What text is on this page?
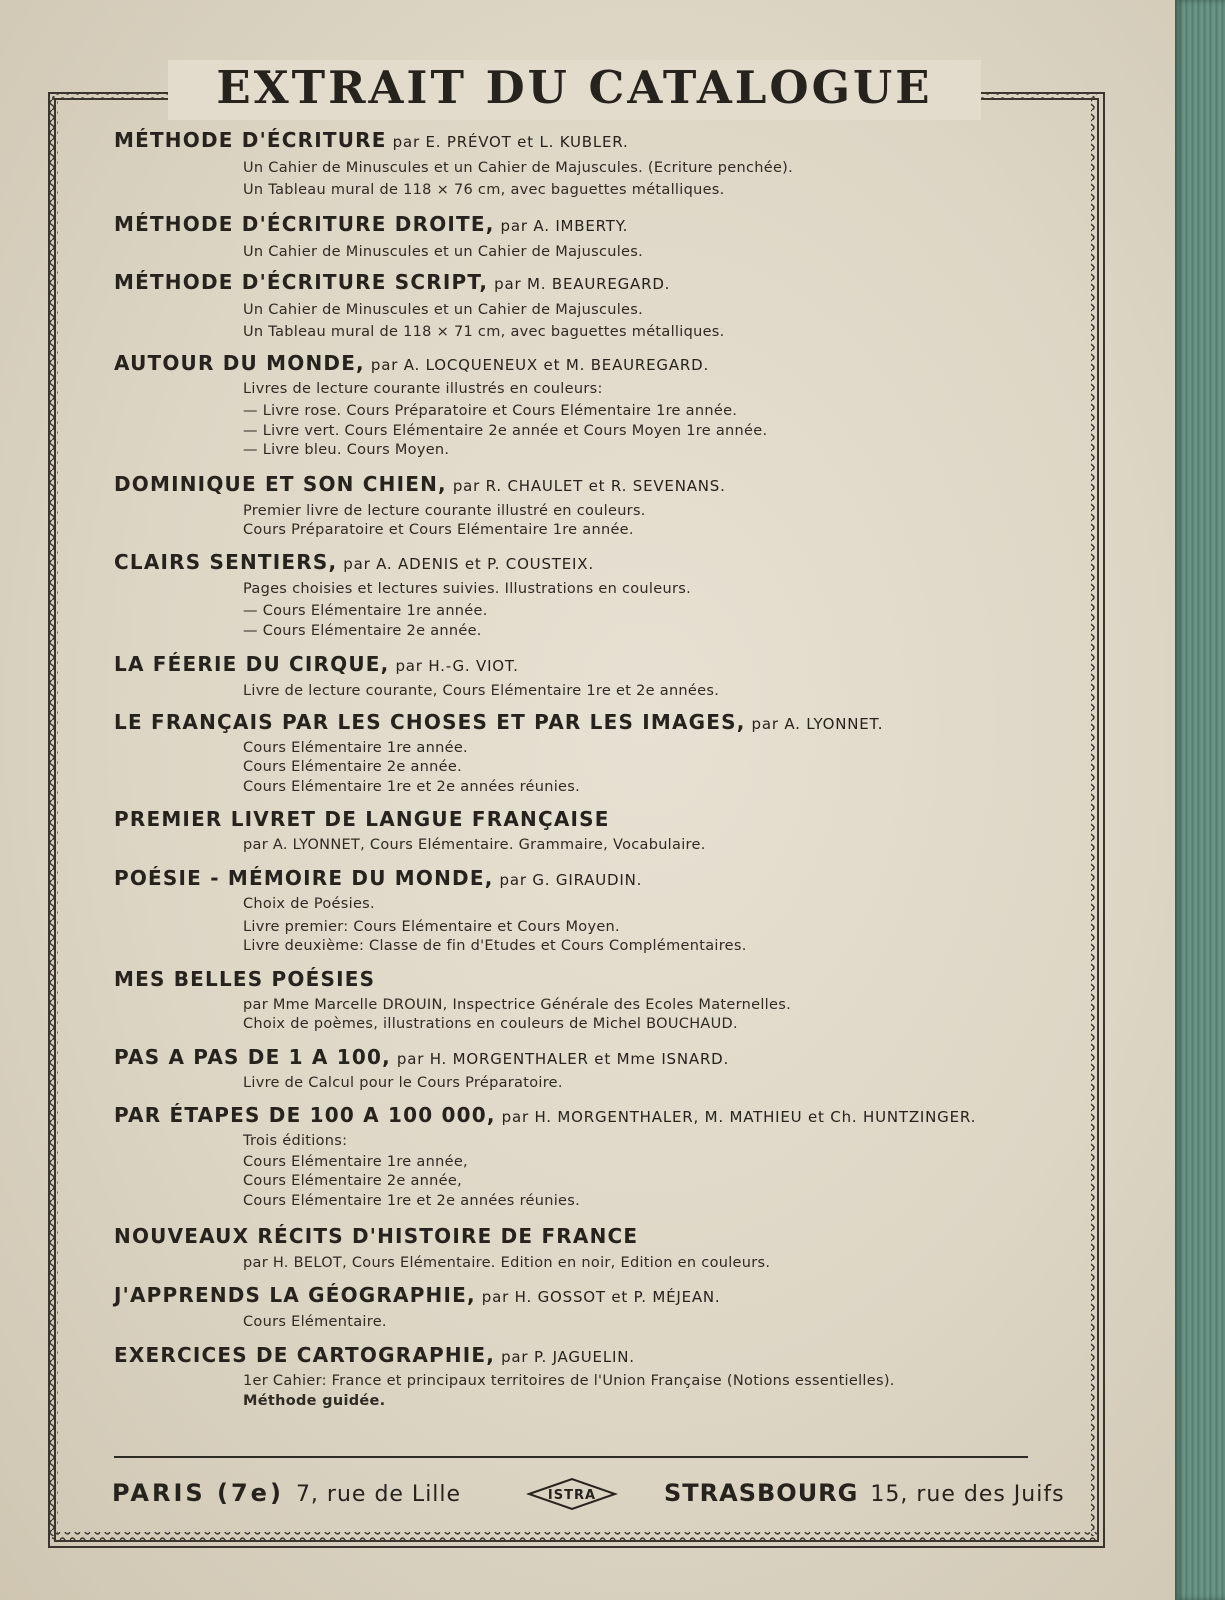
EXTRAIT DU CATALOGUE
MÉTHODE D'ÉCRITURE par E. PRÉVOT et L. KUBLER.
Un Cahier de Minuscules et un Cahier de Majuscules. (Ecriture penchée).
Un Tableau mural de 118 × 76 cm, avec baguettes métalliques.
MÉTHODE D'ÉCRITURE DROITE, par A. IMBERTY.
Un Cahier de Minuscules et un Cahier de Majuscules.
MÉTHODE D'ÉCRITURE SCRIPT, par M. BEAUREGARD.
Un Cahier de Minuscules et un Cahier de Majuscules.
Un Tableau mural de 118 × 71 cm, avec baguettes métalliques.
AUTOUR DU MONDE, par A. LOCQUENEUX et M. BEAUREGARD.
Livres de lecture courante illustrés en couleurs:
— Livre rose. Cours Préparatoire et Cours Elémentaire 1re année.
— Livre vert. Cours Elémentaire 2e année et Cours Moyen 1re année.
— Livre bleu. Cours Moyen.
DOMINIQUE ET SON CHIEN, par R. CHAULET et R. SEVENANS.
Premier livre de lecture courante illustré en couleurs.
Cours Préparatoire et Cours Elémentaire 1re année.
CLAIRS SENTIERS, par A. ADENIS et P. COUSTEIX.
Pages choisies et lectures suivies. Illustrations en couleurs.
— Cours Elémentaire 1re année.
— Cours Elémentaire 2e année.
LA FÉERIE DU CIRQUE, par H.-G. VIOT.
Livre de lecture courante, Cours Elémentaire 1re et 2e années.
LE FRANÇAIS PAR LES CHOSES ET PAR LES IMAGES, par A. LYONNET.
Cours Elémentaire 1re année.
Cours Elémentaire 2e année.
Cours Elémentaire 1re et 2e années réunies.
PREMIER LIVRET DE LANGUE FRANÇAISE
par A. LYONNET, Cours Elémentaire. Grammaire, Vocabulaire.
POÉSIE - MÉMOIRE DU MONDE, par G. GIRAUDIN.
Choix de Poésies.
Livre premier: Cours Elémentaire et Cours Moyen.
Livre deuxième: Classe de fin d'Etudes et Cours Complémentaires.
MES BELLES POÉSIES
par Mme Marcelle DROUIN, Inspectrice Générale des Ecoles Maternelles.
Choix de poèmes, illustrations en couleurs de Michel BOUCHAUD.
PAS A PAS DE 1 A 100, par H. MORGENTHALER et Mme ISNARD.
Livre de Calcul pour le Cours Préparatoire.
PAR ÉTAPES DE 100 A 100 000, par H. MORGENTHALER, M. MATHIEU et Ch. HUNTZINGER.
Trois éditions:
Cours Elémentaire 1re année,
Cours Elémentaire 2e année,
Cours Elémentaire 1re et 2e années réunies.
NOUVEAUX RÉCITS D'HISTOIRE DE FRANCE
par H. BELOT, Cours Elémentaire. Edition en noir, Edition en couleurs.
J'APPRENDS LA GÉOGRAPHIE, par H. GOSSOT et P. MÉJEAN.
Cours Elémentaire.
EXERCICES DE CARTOGRAPHIE, par P. JAGUELIN.
1er Cahier: France et principaux territoires de l'Union Française (Notions essentielles).
Méthode guidée.
PARIS (7e) 7, rue de Lille	ISTRA	STRASBOURG 15, rue des Juifs
